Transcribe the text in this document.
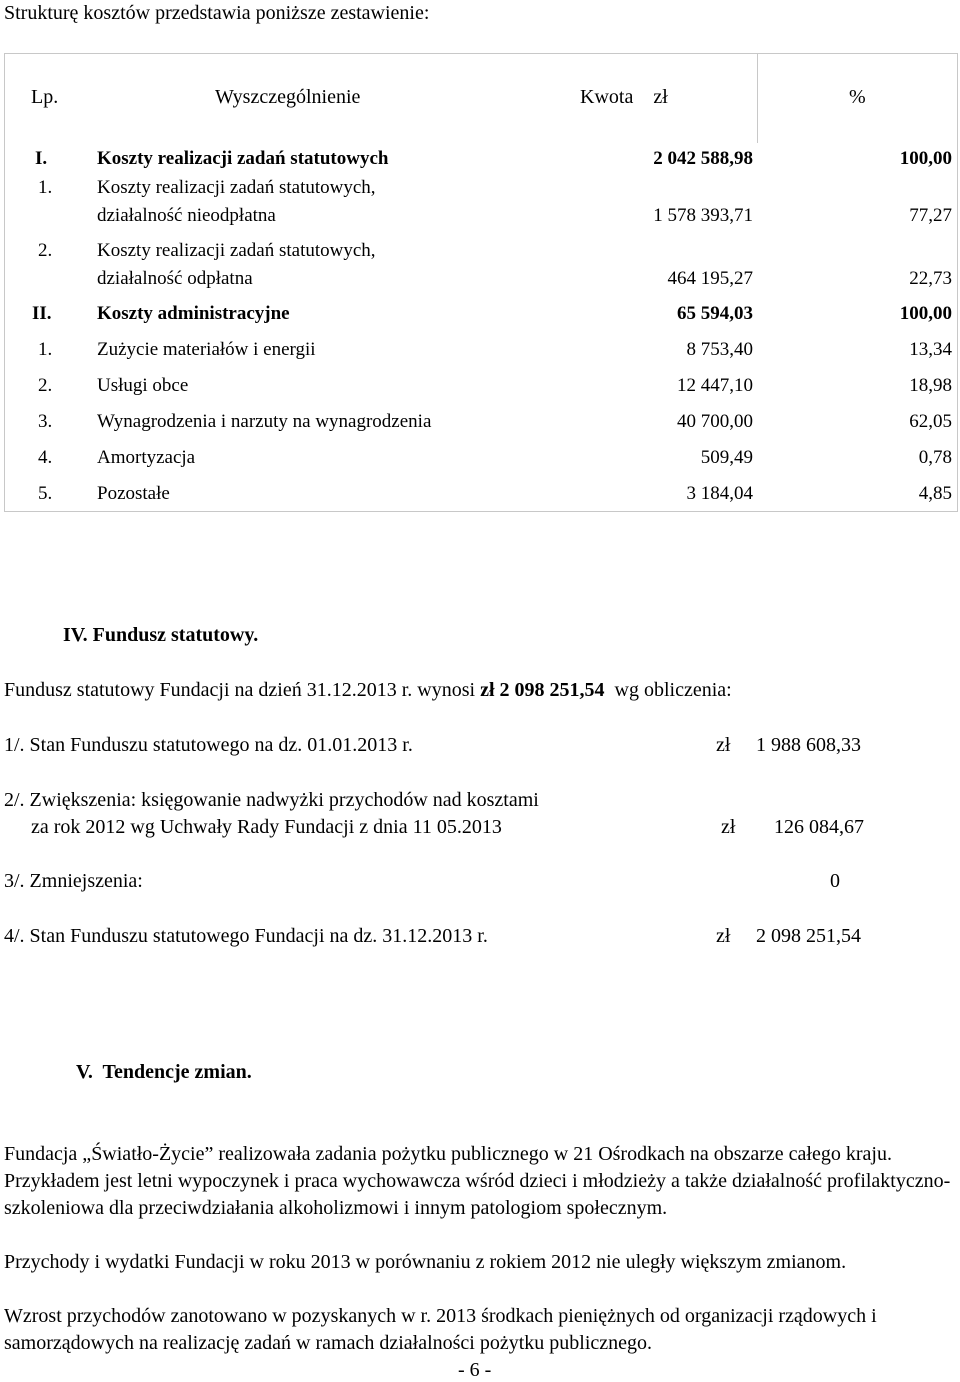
Strukturę kosztów przedstawia poniższe zestawienie:
Lp.	Wyszczególnienie	Kwota    zł	%
I.	Koszty realizacji zadań statutowych	2 042 588,98	100,00
1. Koszty realizacji zadań statutowych,
działalność nieodpłatna	1 578 393,71	77,27
2. Koszty realizacji zadań statutowych,
działalność odpłatna	464 195,27	22,73
II. Koszty administracyjne	65 594,03	100,00
1. Zużycie materiałów i energii	8 753,40	13,34
2. Usługi obce	12 447,10	18,98
3. Wynagrodzenia i narzuty na wynagrodzenia	40 700,00	62,05
4. Amortyzacja	509,49	0,78
5. Pozostałe	3 184,04	4,85
IV. Fundusz statutowy.
Fundusz statutowy Fundacji na dzień 31.12.2013 r. wynosi zł 2 098 251,54  wg obliczenia:
1/. Stan Funduszu statutowego na dz. 01.01.2013 r.	zł 1 988 608,33
2/. Zwiększenia: księgowanie nadwyżki przychodów nad kosztami
za rok 2012 wg Uchwały Rady Fundacji z dnia 11 05.2013	zł 126 084,67
3/. Zmniejszenia:	0
4/. Stan Funduszu statutowego Fundacji na dz. 31.12.2013 r.	zł 2 098 251,54
V.  Tendencje zmian.
Fundacja „Światło-Życie” realizowała zadania pożytku publicznego w 21 Ośrodkach na obszarze całego kraju. Przykładem jest letni wypoczynek i praca wychowawcza wśród dzieci i młodzieży a także działalność profilaktyczno-szkoleniowa dla przeciwdziałania alkoholizmowi i innym patologiom społecznym.
Przychody i wydatki Fundacji w roku 2013 w porównaniu z rokiem 2012 nie uległy większym zmianom.
Wzrost przychodów zanotowano w pozyskanych w r. 2013 środkach pieniężnych od organizacji rządowych i samorządowych na realizację zadań w ramach działalności pożytku publicznego.
- 6 -
